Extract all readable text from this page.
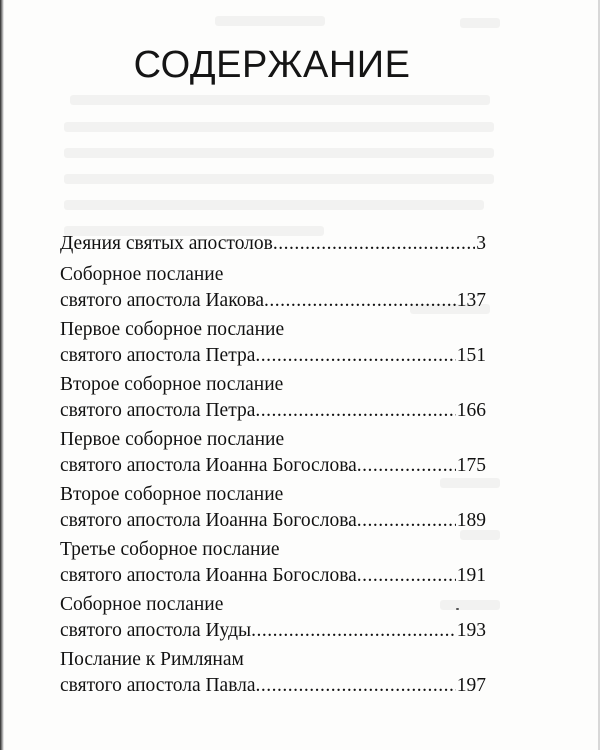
СОДЕРЖАНИЕ
Деяния святых апостолов .....	3
Соборное послание
святого апостола Иакова .....	137
Первое соборное послание
святого апостола Петра .....	151
Второе соборное послание
святого апостола Петра .....	166
Первое соборное послание
святого апостола Иоанна Богослова .....	175
Второе соборное послание
святого апостола Иоанна Богослова .....	189
Третье соборное послание
святого апостола Иоанна Богослова .....	191
Соборное послание
святого апостола Иуды .....	193
Послание к Римлянам
святого апостола Павла .....	197
